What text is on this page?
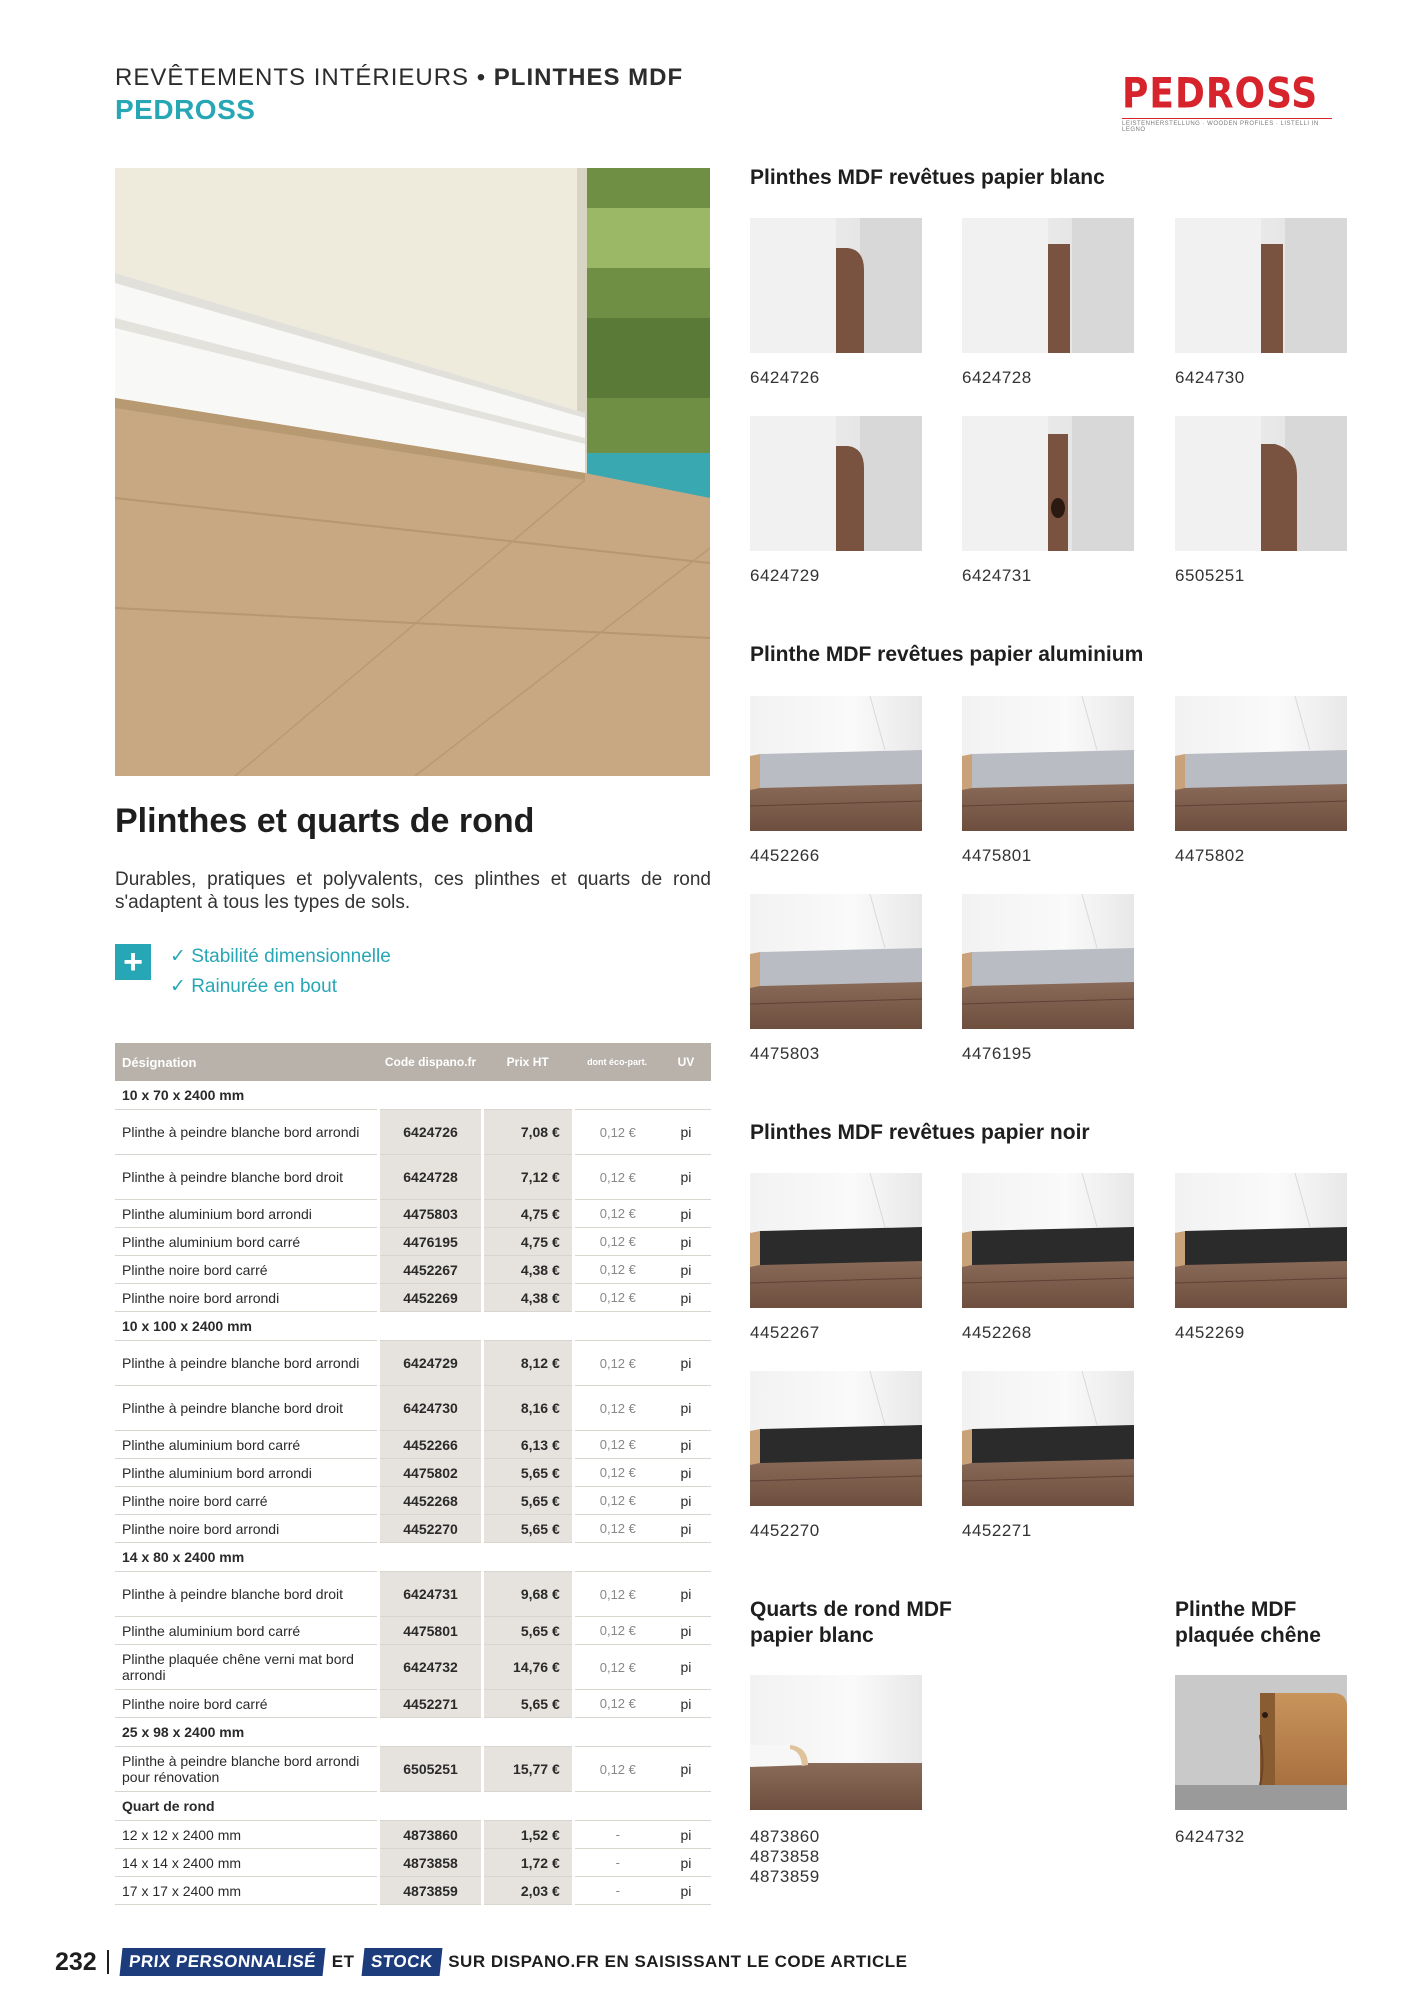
REVÊTEMENTS INTÉRIEURS • PLINTHES MDF
PEDROSS	PEDROSS
LEISTENHERSTELLUNG · WOODEN PROFILES · LISTELLI IN LEGNO
Plinthes et quarts de rond
Durables, pratiques et polyvalents, ces plinthes et quarts de rond s'adaptent à tous les types de sols.
+	✓ Stabilité dimensionnelle
✓ Rainurée en bout
Désignation	Code dispano.fr	Prix HT	dont éco-part.	UV
10 x 70 x 2400 mm				
Plinthe à peindre blanche bord arrondi	6424726	7,08 €	0,12 €	pi
Plinthe à peindre blanche bord droit	6424728	7,12 €	0,12 €	pi
Plinthe aluminium bord arrondi	4475803	4,75 €	0,12 €	pi
Plinthe aluminium bord carré	4476195	4,75 €	0,12 €	pi
Plinthe noire bord carré	4452267	4,38 €	0,12 €	pi
Plinthe noire bord arrondi	4452269	4,38 €	0,12 €	pi
10 x 100 x 2400 mm				
Plinthe à peindre blanche bord arrondi	6424729	8,12 €	0,12 €	pi
Plinthe à peindre blanche bord droit	6424730	8,16 €	0,12 €	pi
Plinthe aluminium bord carré	4452266	6,13 €	0,12 €	pi
Plinthe aluminium bord arrondi	4475802	5,65 €	0,12 €	pi
Plinthe noire bord carré	4452268	5,65 €	0,12 €	pi
Plinthe noire bord arrondi	4452270	5,65 €	0,12 €	pi
14 x 80 x 2400 mm				
Plinthe à peindre blanche bord droit	6424731	9,68 €	0,12 €	pi
Plinthe aluminium bord carré	4475801	5,65 €	0,12 €	pi
Plinthe plaquée chêne verni mat bord arrondi	6424732	14,76 €	0,12 €	pi
Plinthe noire bord carré	4452271	5,65 €	0,12 €	pi
25 x 98 x 2400 mm				
Plinthe à peindre blanche bord arrondi pour rénovation	6505251	15,77 €	0,12 €	pi
Quart de rond				
12 x 12 x 2400 mm	4873860	1,52 €	-	pi
14 x 14 x 2400 mm	4873858	1,72 €	-	pi
17 x 17 x 2400 mm	4873859	2,03 €	-	pi
Plinthes MDF revêtues papier blanc
6424726	6424728	6424730
6424729	6424731	6505251
4452266	4475801	4475802
4475803	4476195
4452267	4452268	4452269
4452270	4452271
Plinthe MDF revêtues papier aluminium
Plinthes MDF revêtues papier noir
Quarts de rond MDF
papier blanc
Plinthe MDF
plaquée chêne
4873860
4873858
4873859
6424732
232	PRIX PERSONNALISÉ ET STOCK SUR DISPANO.FR EN SAISISSANT LE CODE ARTICLE
